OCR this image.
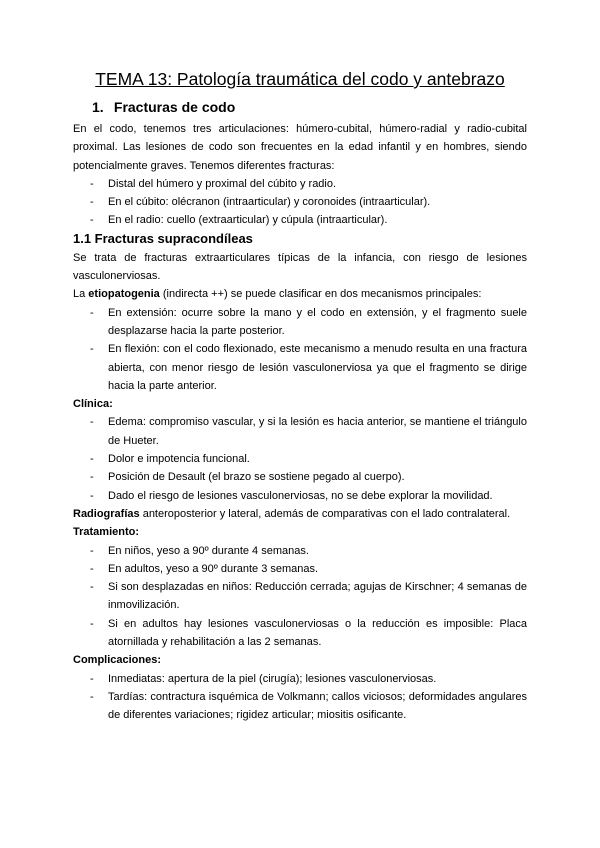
TEMA 13: Patología traumática del codo y antebrazo
1. Fracturas de codo

En el codo, tenemos tres articulaciones: húmero-cubital, húmero-radial y radio-cubital proximal. Las lesiones de codo son frecuentes en la edad infantil y en hombres, siendo potencialmente graves. Tenemos diferentes fracturas:

- Distal del húmero y proximal del cúbito y radio.
- En el cúbito: olécranon (intraarticular) y coronoides (intraarticular).
- En el radio: cuello (extraarticular) y cúpula (intraarticular).
1.1 Fracturas supracondíleas

Se trata de fracturas extraarticulares típicas de la infancia, con riesgo de lesiones vasculonerviosas.

La etiopatogenia (indirecta ++) se puede clasificar en dos mecanismos principales:

- En extensión: ocurre sobre la mano y el codo en extensión, y el fragmento suele desplazarse hacia la parte posterior.
- En flexión: con el codo flexionado, este mecanismo a menudo resulta en una fractura abierta, con menor riesgo de lesión vasculonerviosa ya que el fragmento se dirige hacia la parte anterior.

Clínica:

- Edema: compromiso vascular, y si la lesión es hacia anterior, se mantiene el triángulo de Hueter.
- Dolor e impotencia funcional.
- Posición de Desault (el brazo se sostiene pegado al cuerpo).
- Dado el riesgo de lesiones vasculonerviosas, no se debe explorar la movilidad.

Radiografías anteroposterior y lateral, además de comparativas con el lado contralateral.

Tratamiento:

- En niños, yeso a 90º durante 4 semanas.
- En adultos, yeso a 90º durante 3 semanas.
- Si son desplazadas en niños: Reducción cerrada; agujas de Kirschner; 4 semanas de inmovilización.
- Si en adultos hay lesiones vasculonerviosas o la reducción es imposible: Placa atornillada y rehabilitación a las 2 semanas.

Complicaciones:

- Inmediatas: apertura de la piel (cirugía); lesiones vasculonerviosas.
- Tardías: contractura isquémica de Volkmann; callos viciosos; deformidades angulares de diferentes variaciones; rigidez articular; miositis osificante.
